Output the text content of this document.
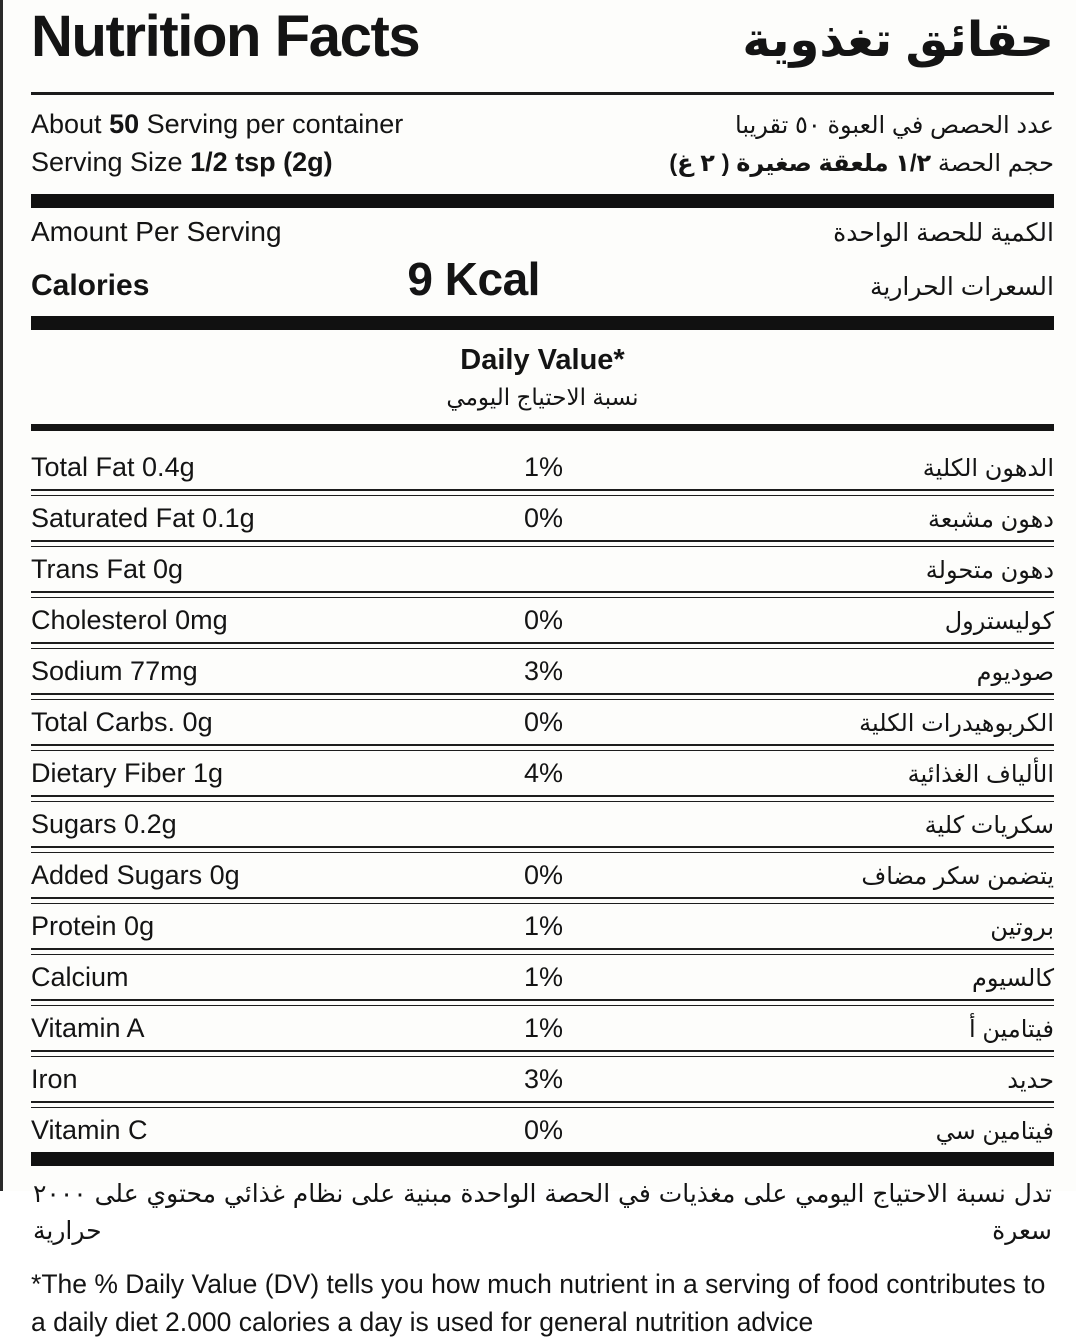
Nutrition Facts	حقائق تغذوية
About 50 Serving per container	عدد الحصص في العبوة ٥٠ تقريبا
Serving Size 1/2 tsp (2g)	حجم الحصة ١/٢ ملعقة صغيرة ( ٢ غ)
Amount Per Serving	الكمية للحصة الواحدة
Calories	9 Kcal	السعرات الحرارية
Daily Value*
نسبة الاحتياج اليومي
Total Fat 0.4g	1%	الدهون الكلية
Saturated Fat 0.1g	0%	دهون مشبعة
Trans Fat 0g	دهون متحولة
Cholesterol 0mg	0%	كوليسترول
Sodium 77mg	3%	صوديوم
Total Carbs. 0g	0%	الكربوهيدرات الكلية
Dietary Fiber 1g	4%	الألياف الغذائية
Sugars 0.2g	سكريات كلية
Added Sugars 0g	0%	يتضمن سكر مضاف
Protein 0g	1%	بروتين
Calcium	1%	كالسيوم
Vitamin A	1%	فيتامين أ
Iron	3%	حديد
Vitamin C	0%	فيتامين سي
تدل نسبة الاحتياج اليومي على مغذيات في الحصة الواحدة مبنية على نظام غذائي محتوي على ٢٠٠٠ سعرة حرارية
*The % Daily Value (DV) tells you how much nutrient in a serving of food contributes to a daily diet 2.000 calories a day is used for general nutrition advice
